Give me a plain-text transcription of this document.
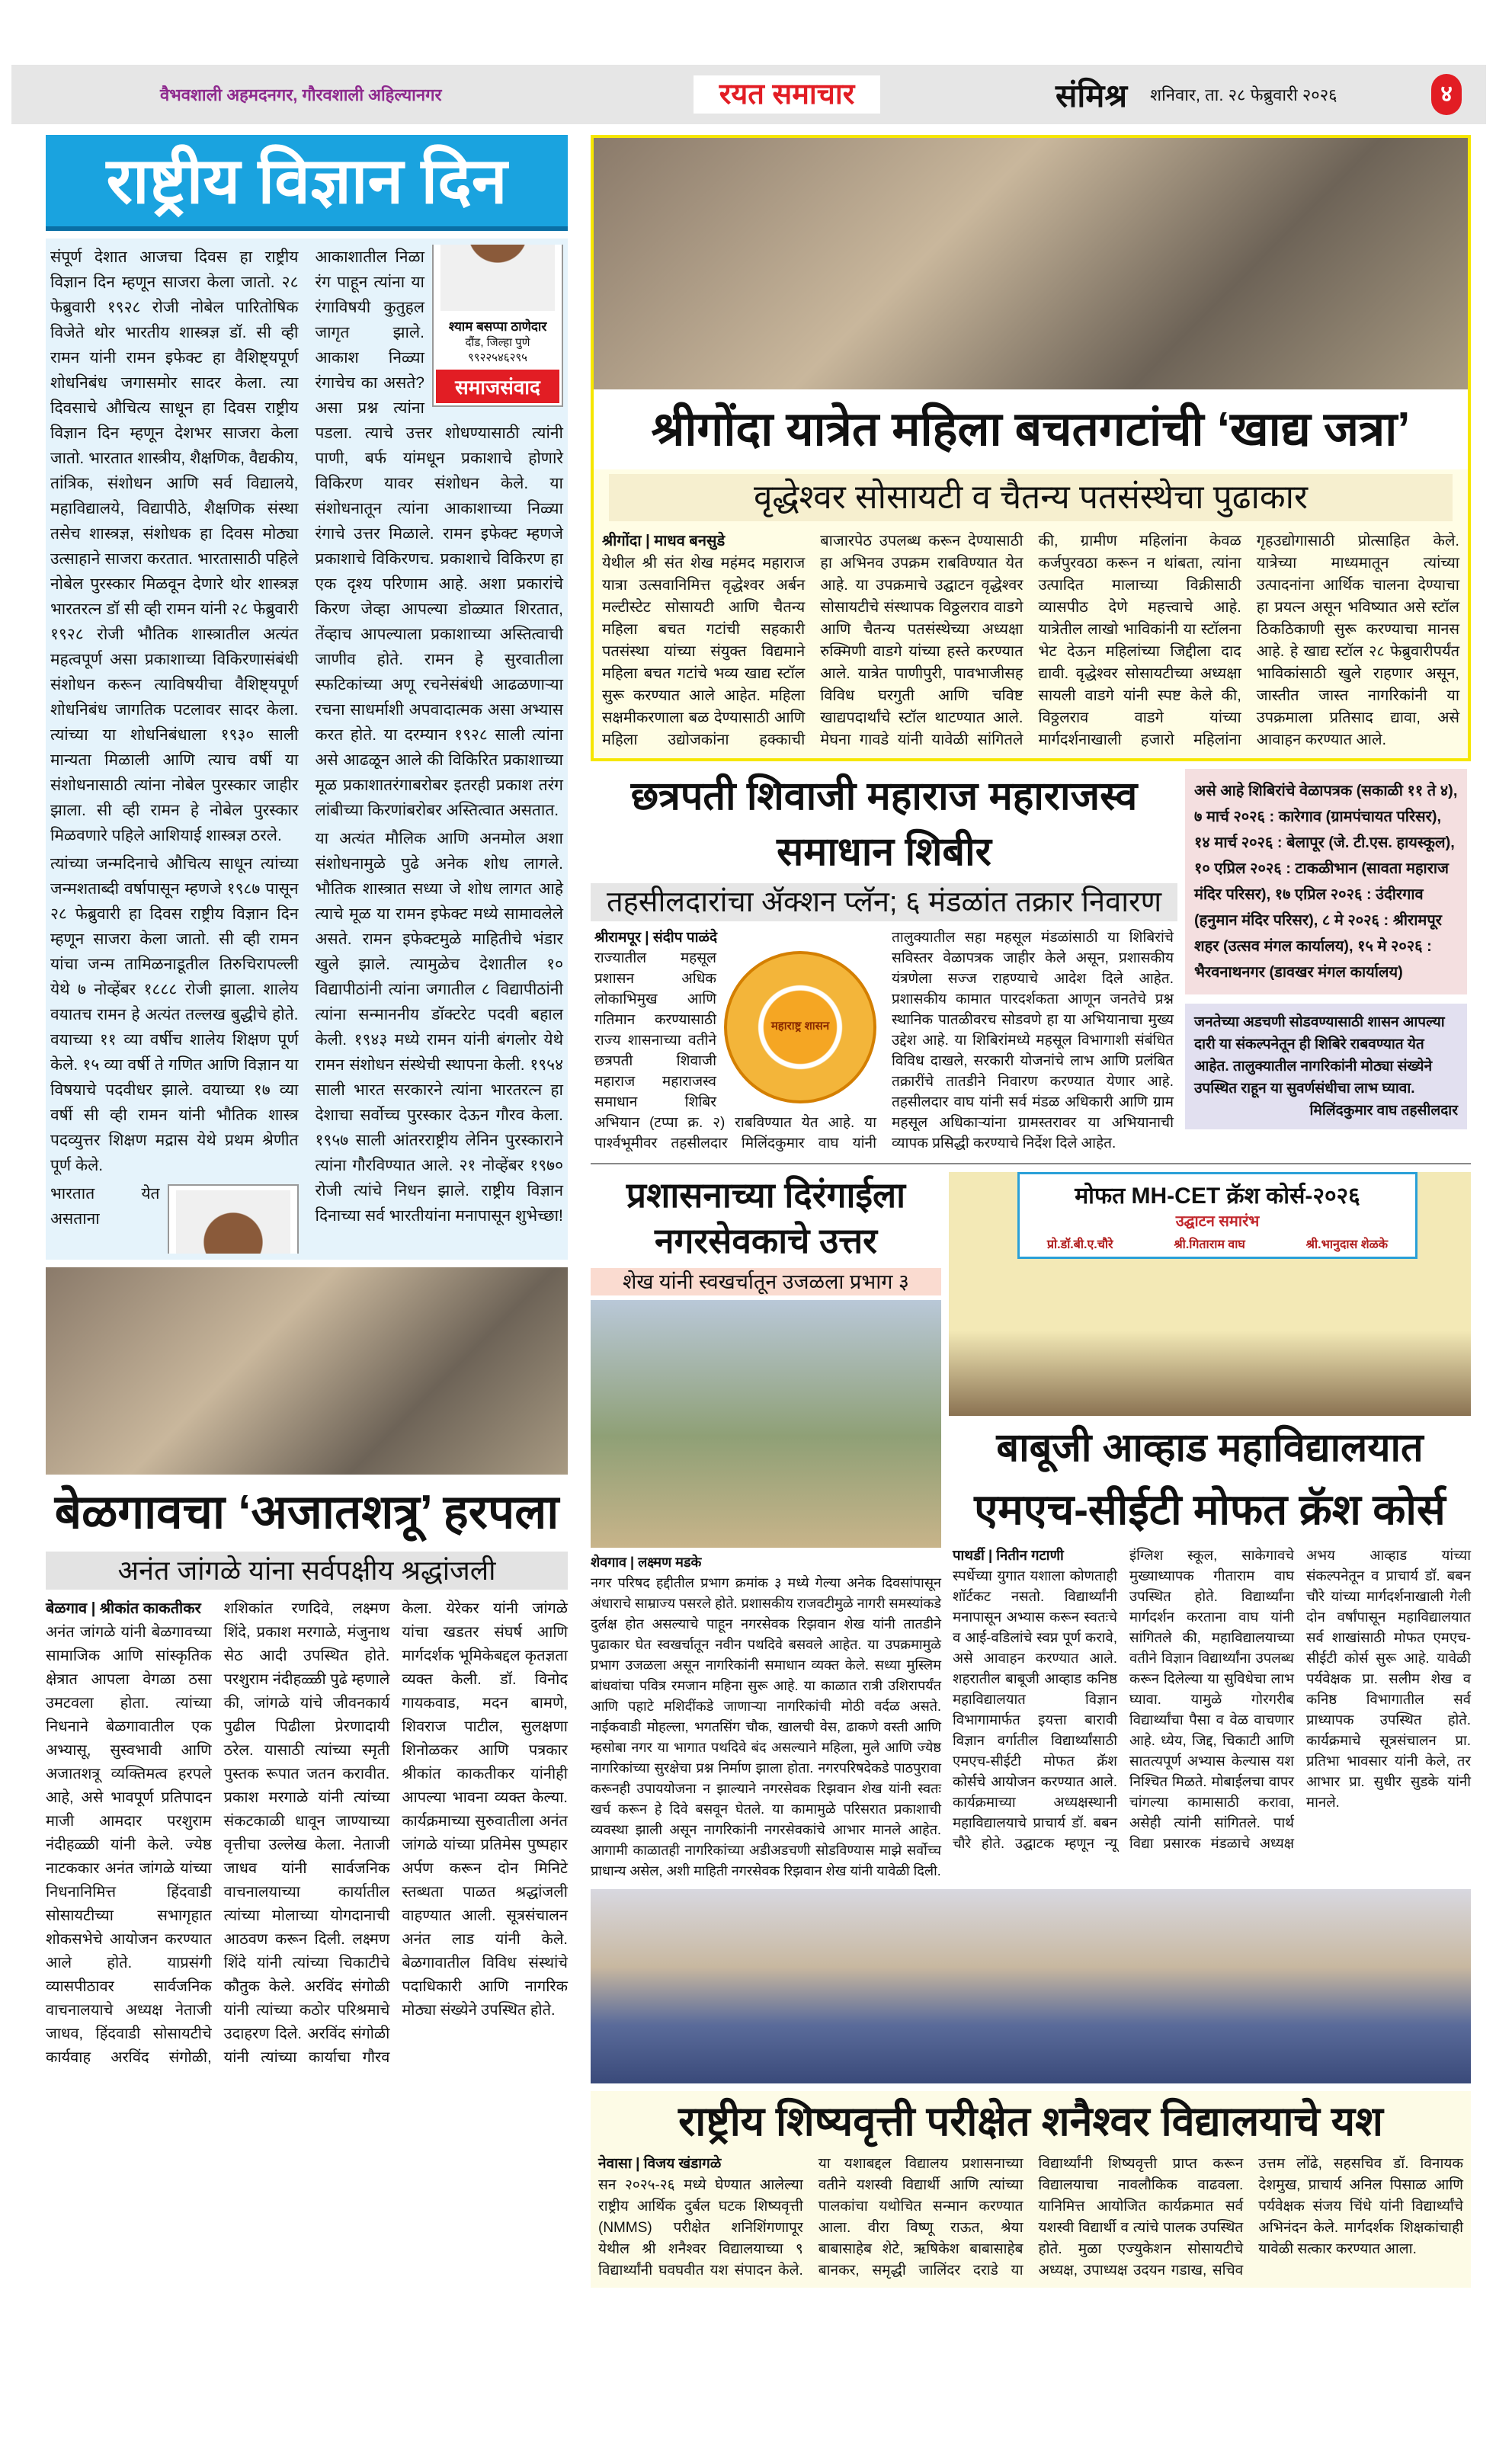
वैभवशाली अहमदनगर, गौरवशाली अहिल्यानगर	रयत समाचार	संमिश्र शनिवार, ता. २८ फेब्रुवारी २०२६	४
राष्ट्रीय विज्ञान दिन

संपूर्ण देशात आजचा दिवस हा राष्ट्रीय विज्ञान दिन म्हणून साजरा केला जातो. २८ फेब्रुवारी १९२८ रोजी नोबेल पारितोषिक विजेते थोर भारतीय शास्त्रज्ञ डॉ. सी व्ही रामन यांनी रामन इफेक्ट हा वैशिष्ट्यपूर्ण शोधनिबंध जगासमोर सादर केला. त्या दिवसाचे औचित्य साधून हा दिवस राष्ट्रीय विज्ञान दिन म्हणून देशभर साजरा केला जातो. भारतात शास्त्रीय, शैक्षणिक, वैद्यकीय, तांत्रिक, संशोधन आणि सर्व विद्यालये, महाविद्यालये, विद्यापीठे, शैक्षणिक संस्था तसेच शास्त्रज्ञ, संशोधक हा दिवस मोठ्या उत्साहाने साजरा करतात. भारतासाठी पहिले नोबेल पुरस्कार मिळवून देणारे थोर शास्त्रज्ञ भारतरत्न डॉ सी व्ही रामन यांनी २८ फेब्रुवारी १९२८ रोजी भौतिक शास्त्रातील अत्यंत महत्वपूर्ण असा प्रकाशाच्या विकिरणासंबंधी संशोधन करून त्याविषयीचा वैशिष्ट्यपूर्ण शोधनिबंध जागतिक पटलावर सादर केला. त्यांच्या या शोधनिबंधाला १९३० साली मान्यता मिळाली आणि त्याच वर्षी या संशोधनासाठी त्यांना नोबेल पुरस्कार जाहीर झाला. सी व्ही रामन हे नोबेल पुरस्कार मिळवणारे पहिले आशियाई शास्त्रज्ञ ठरले.

त्यांच्या जन्मदिनाचे औचित्य साधून त्यांच्या जन्मशताब्दी वर्षापासून म्हणजे १९८७ पासून २८ फेब्रुवारी हा दिवस राष्ट्रीय विज्ञान दिन म्हणून साजरा केला जातो. सी व्ही रामन यांचा जन्म तामिळनाडूतील तिरुचिरापल्ली येथे ७ नोव्हेंबर १८८८ रोजी झाला. शालेय वयातच रामन हे अत्यंत तल्लख बुद्धीचे होते. वयाच्या ११ व्या वर्षीच शालेय शिक्षण पूर्ण केले. १५ व्या वर्षी ते गणित आणि विज्ञान या विषयाचे पदवीधर झाले. वयाच्या १७ व्या वर्षी सी व्ही रामन यांनी भौतिक शास्त्र पदव्युत्तर शिक्षण मद्रास येथे प्रथम श्रेणीत पूर्ण केले.

श्याम बसप्पा ठाणेदार
दौंड, जिल्हा पुणे
९९२२५४६२९५
समाजसंवाद

भारतात येत असताना आकाशातील निळा रंग पाहून त्यांना या रंगाविषयी कुतुहल जागृत झाले. आकाश निळ्या रंगाचेच का असते? असा प्रश्न त्यांना पडला. त्याचे उत्तर शोधण्यासाठी त्यांनी पाणी, बर्फ यांमधून प्रकाशाचे होणारे विकिरण यावर संशोधन केले. या संशोधनातून त्यांना आकाशाच्या निळ्या रंगाचे उत्तर मिळाले. रामन इफेक्ट म्हणजे प्रकाशाचे विकिरणच. प्रकाशाचे विकिरण हा एक दृश्य परिणाम आहे. अशा प्रकारांचे किरण जेव्हा आपल्या डोळ्यात शिरतात, तेंव्हाच आपल्याला प्रकाशाच्या अस्तित्वाची जाणीव होते. रामन हे सुरवातीला स्फटिकांच्या अणू रचनेसंबंधी आढळणाऱ्या रचना साधर्माशी अपवादात्मक असा अभ्यास करत होते. या दरम्यान १९२८ साली त्यांना असे आढळून आले की विकिरित प्रकाशाच्या मूळ प्रकाशातरंगाबरोबर इतरही प्रकाश तरंग लांबीच्या किरणांबरोबर अस्तित्वात असतात.

या अत्यंत मौलिक आणि अनमोल अशा संशोधनामुळे पुढे अनेक शोध लागले. भौतिक शास्त्रात सध्या जे शोध लागत आहे त्याचे मूळ या रामन इफेक्ट मध्ये सामावलेले असते. रामन इफेक्टमुळे माहितीचे भंडार खुले झाले. त्यामुळेच देशातील १० विद्यापीठांनी त्यांना जगातील ८ विद्यापीठांनी त्यांना सन्माननीय डॉक्टरेट पदवी बहाल केली. १९४३ मध्ये रामन यांनी बंगलोर येथे रामन संशोधन संस्थेची स्थापना केली. १९५४ साली भारत सरकारने त्यांना भारतरत्न हा देशाचा सर्वोच्च पुरस्कार देऊन गौरव केला. १९५७ साली आंतरराष्ट्रीय लेनिन पुरस्काराने त्यांना गौरविण्यात आले. २१ नोव्हेंबर १९७० रोजी त्यांचे निधन झाले. राष्ट्रीय विज्ञान दिनाच्या सर्व भारतीयांना मनापासून शुभेच्छा!

बेळगावचा ‘अजातशत्रू’ हरपला
अनंत जांगळे यांना सर्वपक्षीय श्रद्धांजली
बेळगाव | श्रीकांत काकतीकर

अनंत जांगळे यांनी बेळगावच्या सामाजिक आणि सांस्कृतिक क्षेत्रात आपला वेगळा ठसा उमटवला होता. त्यांच्या निधनाने बेळगावातील एक अभ्यासू, सुस्वभावी आणि अजातशत्रू व्यक्तिमत्व हरपले आहे, असे भावपूर्ण प्रतिपादन माजी आमदार परशुराम नंदीहळ्ळी यांनी केले. ज्येष्ठ नाटककार अनंत जांगळे यांच्या निधनानिमित्त हिंदवाडी सोसायटीच्या सभागृहात शोकसभेचे आयोजन करण्यात आले होते. याप्रसंगी व्यासपीठावर सार्वजनिक वाचनालयाचे अध्यक्ष नेताजी जाधव, हिंदवाडी सोसायटीचे कार्यवाह अरविंद संगोळी, शशिकांत रणदिवे, लक्ष्मण शिंदे, प्रकाश मरगाळे, मंजुनाथ सेठ आदी उपस्थित होते. परशुराम नंदीहळ्ळी पुढे म्हणाले की, जांगळे यांचे जीवनकार्य पुढील पिढीला प्रेरणादायी ठरेल. यासाठी त्यांच्या स्मृती पुस्तक रूपात जतन करावीत. प्रकाश मरगाळे यांनी त्यांच्या संकटकाळी धावून जाण्याच्या वृत्तीचा उल्लेख केला. नेताजी जाधव यांनी सार्वजनिक वाचनालयाच्या कार्यातील त्यांच्या मोलाच्या योगदानाची आठवण करून दिली. लक्ष्मण शिंदे यांनी त्यांच्या चिकाटीचे कौतुक केले. अरविंद संगोळी यांनी त्यांच्या कठोर परिश्रमाचे उदाहरण दिले. अरविंद संगोळी यांनी त्यांच्या कार्याचा गौरव केला. येरेकर यांनी जांगळे यांचा खडतर संघर्ष आणि मार्गदर्शक भूमिकेबद्दल कृतज्ञता व्यक्त केली. डॉ. विनोद गायकवाड, मदन बामणे, शिवराज पाटील, सुलक्षणा शिनोळकर आणि पत्रकार श्रीकांत काकतीकर यांनीही आपल्या भावना व्यक्त केल्या. कार्यक्रमाच्या सुरुवातीला अनंत जांगळे यांच्या प्रतिमेस पुष्पहार अर्पण करून दोन मिनिटे स्तब्धता पाळत श्रद्धांजली वाहण्यात आली. सूत्रसंचालन अनंत लाड यांनी केले. बेळगावातील विविध संस्थांचे पदाधिकारी आणि नागरिक मोठ्या संख्येने उपस्थित होते.

श्रीगोंदा यात्रेत महिला बचतगटांची ‘खाद्य जत्रा’
वृद्धेश्वर सोसायटी व चैतन्य पतसंस्थेचा पुढाकार
श्रीगोंदा | माधव बनसुडे

येथील श्री संत शेख महंमद महाराज यात्रा उत्सवानिमित्त वृद्धेश्वर अर्बन मल्टीस्टेट सोसायटी आणि चैतन्य महिला बचत गटांची सहकारी पतसंस्था यांच्या संयुक्त विद्यमाने महिला बचत गटांचे भव्य खाद्य स्टॉल सुरू करण्यात आले आहेत. महिला सक्षमीकरणाला बळ देण्यासाठी आणि महिला उद्योजकांना हक्काची बाजारपेठ उपलब्ध करून देण्यासाठी हा अभिनव उपक्रम राबविण्यात येत आहे. या उपक्रमाचे उद्घाटन वृद्धेश्वर सोसायटीचे संस्थापक विठ्ठलराव वाडगे आणि चैतन्य पतसंस्थेच्या अध्यक्षा रुक्मिणी वाडगे यांच्या हस्ते करण्यात आले. यात्रेत पाणीपुरी, पावभाजीसह विविध घरगुती आणि चविष्ट खाद्यपदार्थांचे स्टॉल थाटण्यात आले. मेघना गावडे यांनी यावेळी सांगितले की, ग्रामीण महिलांना केवळ कर्जपुरवठा करून न थांबता, त्यांना उत्पादित मालाच्या विक्रीसाठी व्यासपीठ देणे महत्त्वाचे आहे. यात्रेतील लाखो भाविकांनी या स्टॉलना भेट देऊन महिलांच्या जिद्दीला दाद द्यावी. वृद्धेश्वर सोसायटीच्या अध्यक्षा सायली वाडगे यांनी स्पष्ट केले की, विठ्ठलराव वाडगे यांच्या मार्गदर्शनाखाली हजारो महिलांना गृहउद्योगासाठी प्रोत्साहित केले. यात्रेच्या माध्यमातून त्यांच्या उत्पादनांना आर्थिक चालना देण्याचा हा प्रयत्न असून भविष्यात असे स्टॉल ठिकठिकाणी सुरू करण्याचा मानस आहे. हे खाद्य स्टॉल २८ फेब्रुवारीपर्यंत भाविकांसाठी खुले राहणार असून, जास्तीत जास्त नागरिकांनी या उपक्रमाला प्रतिसाद द्यावा, असे आवाहन करण्यात आले.

छत्रपती शिवाजी महाराज महाराजस्व समाधान शिबीर
तहसीलदारांचा ॲक्शन प्लॅन; ६ मंडळांत तक्रार निवारण
श्रीरामपूर | संदीप पाळंदे
महाराष्ट्र शासन

राज्यातील महसूल प्रशासन अधिक लोकाभिमुख आणि गतिमान करण्यासाठी राज्य शासनाच्या वतीने छत्रपती शिवाजी महाराज महाराजस्व समाधान शिबिर अभियान (टप्पा क्र. २) राबविण्यात येत आहे. या पार्श्वभूमीवर तहसीलदार मिलिंदकुमार वाघ यांनी तालुक्यातील सहा महसूल मंडळांसाठी या शिबिरांचे सविस्तर वेळापत्रक जाहीर केले असून, प्रशासकीय यंत्रणेला सज्ज राहण्याचे आदेश दिले आहेत. प्रशासकीय कामात पारदर्शकता आणून जनतेचे प्रश्न स्थानिक पातळीवरच सोडवणे हा या अभियानाचा मुख्य उद्देश आहे. या शिबिरांमध्ये महसूल विभागाशी संबंधित विविध दाखले, सरकारी योजनांचे लाभ आणि प्रलंबित तक्रारींचे तातडीने निवारण करण्यात येणार आहे. तहसीलदार वाघ यांनी सर्व मंडळ अधिकारी आणि ग्राम महसूल अधिकाऱ्यांना ग्रामस्तरावर या अभियानाची व्यापक प्रसिद्धी करण्याचे निर्देश दिले आहेत.

असे आहे शिबिरांचे वेळापत्रक (सकाळी ११ ते ४), ७ मार्च २०२६ : कारेगाव (ग्रामपंचायत परिसर), १४ मार्च २०२६ : बेलापूर (जे. टी.एस. हायस्कूल), १० एप्रिल २०२६ : टाकळीभान (सावता महाराज मंदिर परिसर), १७ एप्रिल २०२६ : उंदीरगाव (हनुमान मंदिर परिसर), ८ मे २०२६ : श्रीरामपूर शहर (उत्सव मंगल कार्यालय), १५ मे २०२६ : भैरवनाथनगर (डावखर मंगल कार्यालय)
जनतेच्या अडचणी सोडवण्यासाठी शासन आपल्या दारी या संकल्पनेतून ही शिबिरे राबवण्यात येत आहेत. तालुक्यातील नागरिकांनी मोठ्या संख्येने उपस्थित राहून या सुवर्णसंधीचा लाभ घ्यावा.
मिलिंदकुमार वाघ तहसीलदार
प्रशासनाच्या दिरंगाईला नगरसेवकाचे उत्तर
शेख यांनी स्वखर्चातून उजळला प्रभाग ३
शेवगाव | लक्ष्मण मडके

नगर परिषद हद्दीतील प्रभाग क्रमांक ३ मध्ये गेल्या अनेक दिवसांपासून अंधाराचे साम्राज्य पसरले होते. प्रशासकीय राजवटीमुळे नागरी समस्यांकडे दुर्लक्ष होत असल्याचे पाहून नगरसेवक रिझवान शेख यांनी तातडीने पुढाकार घेत स्वखर्चातून नवीन पथदिवे बसवले आहेत. या उपक्रमामुळे प्रभाग उजळला असून नागरिकांनी समाधान व्यक्त केले. सध्या मुस्लिम बांधवांचा पवित्र रमजान महिना सुरू आहे. या काळात रात्री उशिरापर्यंत आणि पहाटे मशिदींकडे जाणाऱ्या नागरिकांची मोठी वर्दळ असते. नाईकवाडी मोहल्ला, भगतसिंग चौक, खालची वेस, ढाकणे वस्ती आणि म्हसोबा नगर या भागात पथदिवे बंद असल्याने महिला, मुले आणि ज्येष्ठ नागरिकांच्या सुरक्षेचा प्रश्न निर्माण झाला होता. नगरपरिषदेकडे पाठपुरावा करूनही उपाययोजना न झाल्याने नगरसेवक रिझवान शेख यांनी स्वतः खर्च करून हे दिवे बसवून घेतले. या कामामुळे परिसरात प्रकाशाची व्यवस्था झाली असून नागरिकांनी नगरसेवकांचे आभार मानले आहेत. आगामी काळातही नागरिकांच्या अडीअडचणी सोडविण्यास माझे सर्वोच्च प्राधान्य असेल, अशी माहिती नगरसेवक रिझवान शेख यांनी यावेळी दिली.

मोफत MH-CET क्रॅश कोर्स-२०२६
उद्घाटन समारंभ
प्रो.डॉ.बी.ए.चौरे	श्री.गिताराम वाघ	श्री.भानुदास शेळके
बाबूजी आव्हाड महाविद्यालयात
एमएच-सीईटी मोफत क्रॅश कोर्स
पाथर्डी | नितीन गटाणी

स्पर्धेच्या युगात यशाला कोणताही शॉर्टकट नसतो. विद्यार्थ्यांनी मनापासून अभ्यास करून स्वतःचे व आई-वडिलांचे स्वप्न पूर्ण करावे, असे आवाहन करण्यात आले. शहरातील बाबूजी आव्हाड कनिष्ठ महाविद्यालयात विज्ञान विभागामार्फत इयत्ता बारावी विज्ञान वर्गातील विद्यार्थ्यांसाठी एमएच-सीईटी मोफत क्रॅश कोर्सचे आयोजन करण्यात आले. कार्यक्रमाच्या अध्यक्षस्थानी महाविद्यालयाचे प्राचार्य डॉ. बबन चौरे होते. उद्घाटक म्हणून न्यू इंग्लिश स्कूल, साकेगावचे मुख्याध्यापक गीताराम वाघ उपस्थित होते. विद्यार्थ्यांना मार्गदर्शन करताना वाघ यांनी सांगितले की, महाविद्यालयाच्या वतीने विज्ञान विद्यार्थ्यांना उपलब्ध करून दिलेल्या या सुविधेचा लाभ घ्यावा. यामुळे गोरगरीब विद्यार्थ्यांचा पैसा व वेळ वाचणार आहे. ध्येय, जिद्द, चिकाटी आणि सातत्यपूर्ण अभ्यास केल्यास यश निश्चित मिळते. मोबाईलचा वापर चांगल्या कामासाठी करावा, असेही त्यांनी सांगितले. पार्थ विद्या प्रसारक मंडळाचे अध्यक्ष अभय आव्हाड यांच्या संकल्पनेतून व प्राचार्य डॉ. बबन चौरे यांच्या मार्गदर्शनाखाली गेली दोन वर्षांपासून महाविद्यालयात सर्व शाखांसाठी मोफत एमएच-सीईटी कोर्स सुरू आहे. यावेळी पर्यवेक्षक प्रा. सलीम शेख व कनिष्ठ विभागातील सर्व प्राध्यापक उपस्थित होते. कार्यक्रमाचे सूत्रसंचालन प्रा. प्रतिभा भावसार यांनी केले, तर आभार प्रा. सुधीर सुडके यांनी मानले.

राष्ट्रीय शिष्यवृत्ती परीक्षेत शनैश्वर विद्यालयाचे यश
नेवासा | विजय खंडागळे

सन २०२५-२६ मध्ये घेण्यात आलेल्या राष्ट्रीय आर्थिक दुर्बल घटक शिष्यवृत्ती (NMMS) परीक्षेत शनिशिंगणापूर येथील श्री शनैश्वर विद्यालयाच्या ९ विद्यार्थ्यांनी घवघवीत यश संपादन केले. या यशाबद्दल विद्यालय प्रशासनाच्या वतीने यशस्वी विद्यार्थी आणि त्यांच्या पालकांचा यथोचित सन्मान करण्यात आला. वीरा विष्णू राऊत, श्रेया बाबासाहेब शेटे, ऋषिकेश बाबासाहेब बानकर, समृद्धी जालिंदर दराडे या विद्यार्थ्यांनी शिष्यवृत्ती प्राप्त करून विद्यालयाचा नावलौकिक वाढवला. यानिमित्त आयोजित कार्यक्रमात सर्व यशस्वी विद्यार्थी व त्यांचे पालक उपस्थित होते. मुळा एज्युकेशन सोसायटीचे अध्यक्ष, उपाध्यक्ष उदयन गडाख, सचिव उत्तम लोंढे, सहसचिव डॉ. विनायक देशमुख, प्राचार्य अनिल पिसाळ आणि पर्यवेक्षक संजय चिंधे यांनी विद्यार्थ्यांचे अभिनंदन केले. मार्गदर्शक शिक्षकांचाही यावेळी सत्कार करण्यात आला.
